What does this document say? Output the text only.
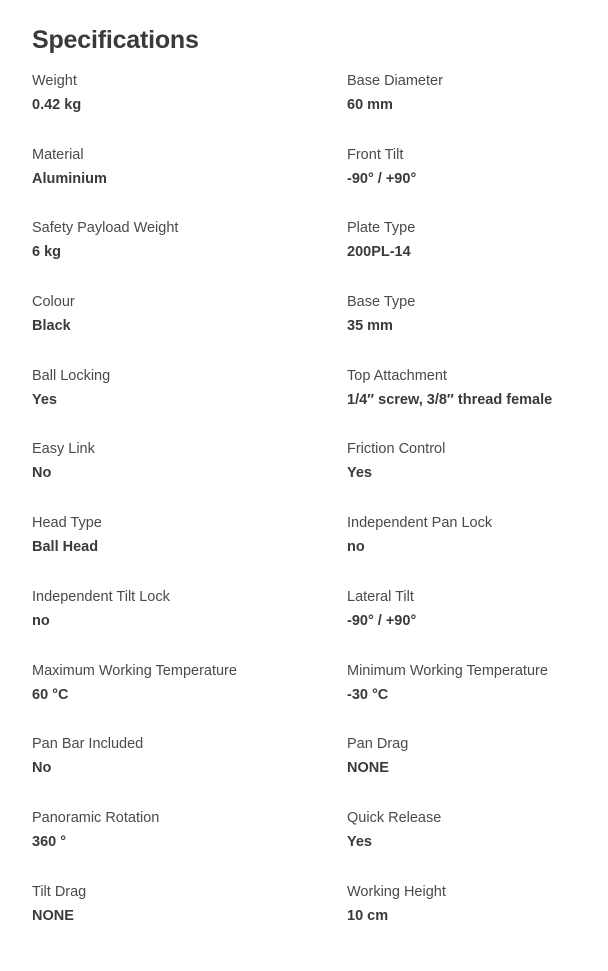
Specifications
Weight
0.42 kg
Base Diameter
60 mm
Material
Aluminium
Front Tilt
-90° / +90°
Safety Payload Weight
6 kg
Plate Type
200PL-14
Colour
Black
Base Type
35 mm
Ball Locking
Yes
Top Attachment
1/4″ screw, 3/8″ thread female
Easy Link
No
Friction Control
Yes
Head Type
Ball Head
Independent Pan Lock
no
Independent Tilt Lock
no
Lateral Tilt
-90° / +90°
Maximum Working Temperature
60 °C
Minimum Working Temperature
-30 °C
Pan Bar Included
No
Pan Drag
NONE
Panoramic Rotation
360 °
Quick Release
Yes
Tilt Drag
NONE
Working Height
10 cm
